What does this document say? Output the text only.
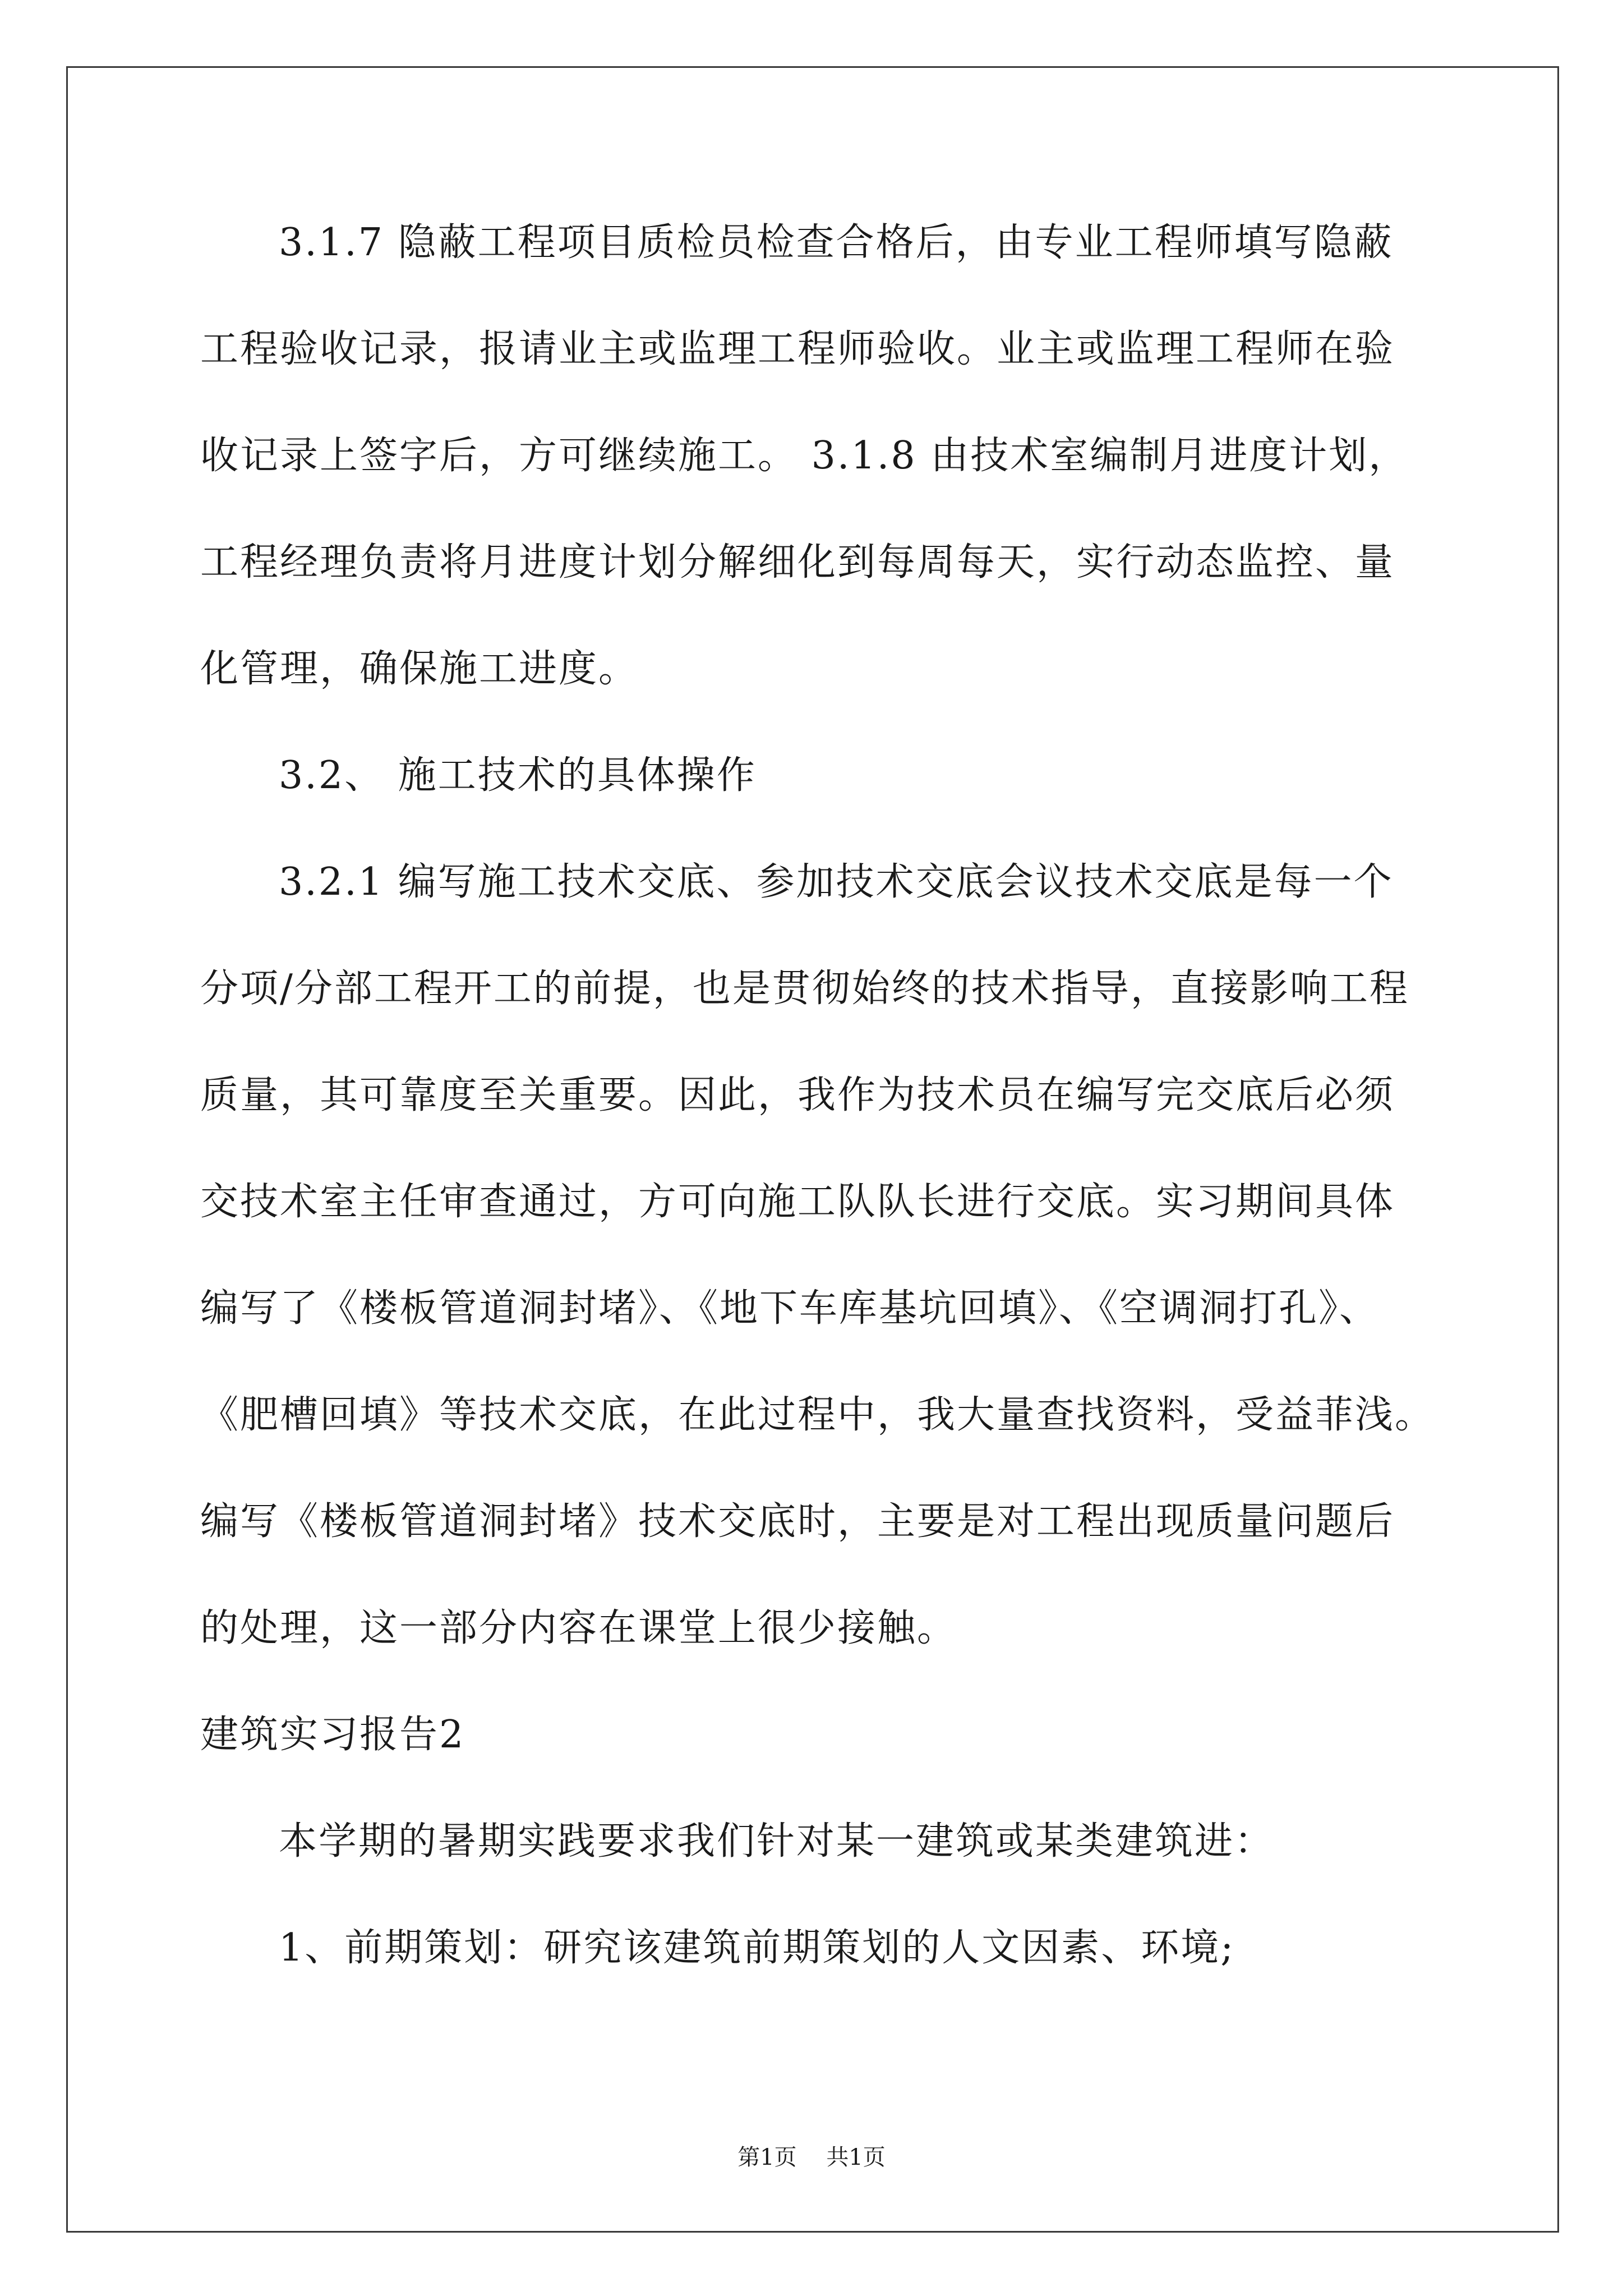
3.1.7 隐蔽工程项目质检员检查合格后，由专业工程师填写隐蔽
工程验收记录，报请业主或监理工程师验收。业主或监理工程师在验
收记录上签字后，方可继续施工。 3.1.8 由技术室编制月进度计划，
工程经理负责将月进度计划分解细化到每周每天，实行动态监控、量
化管理，确保施工进度。
3.2、 施工技术的具体操作
3.2.1 编写施工技术交底、参加技术交底会议技术交底是每一个
分项/分部工程开工的前提，也是贯彻始终的技术指导，直接影响工程
质量，其可靠度至关重要。因此，我作为技术员在编写完交底后必须
交技术室主任审查通过，方可向施工队队长进行交底。实习期间具体
编写了《楼板管道洞封堵》、《地下车库基坑回填》、《空调洞打孔》、
《肥槽回填》等技术交底，在此过程中，我大量查找资料，受益菲浅。
编写《楼板管道洞封堵》技术交底时，主要是对工程出现质量问题后
的处理，这一部分内容在课堂上很少接触。
建筑实习报告2
本学期的暑期实践要求我们针对某一建筑或某类建筑进：
1、前期策划：研究该建筑前期策划的人文因素、环境;
第1页 共1页
